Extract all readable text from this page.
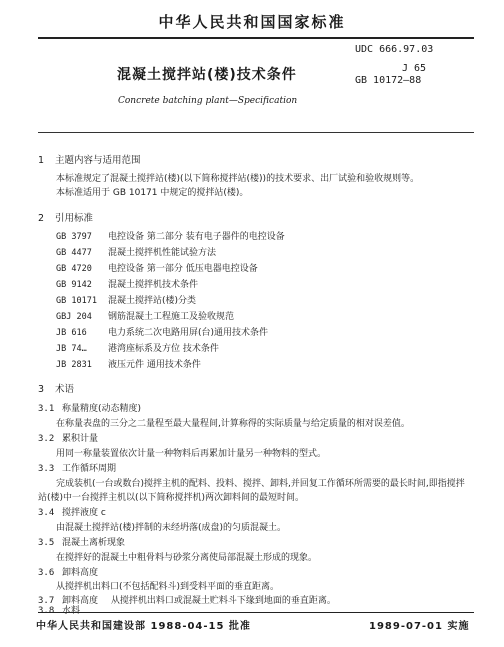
中华人民共和国国家标准
UDC 666.97.03
J 65
GB 10172—88
混凝土搅拌站(楼)技术条件
Concrete batching plant—Specification
1 主题内容与适用范围
本标准规定了混凝土搅拌站(楼)(以下简称搅拌站(楼))的技术要求、出厂试验和验收规则等。
本标准适用于 GB 10171 中规定的搅拌站(楼)。
2 引用标准
GB 3797 电控设备 第二部分 装有电子器件的电控设备
GB 4477 混凝土搅拌机性能试验方法
GB 4720 电控设备 第一部分 低压电器电控设备
GB 9142 混凝土搅拌机技术条件
GB 10171 混凝土搅拌站(楼)分类
GBJ 204 钢筋混凝土工程施工及验收规范
JB 616 电力系统二次电路用屏(台)通用技术条件
JB 74… 港湾座标系及方位 技术条件
JB 2831 液压元件 通用技术条件
3 术语
3.1 称量精度(动态精度)
在称量表盘的三分之二量程至最大量程间,计算称得的实际质量与给定质量的相对误差值。
3.2 累积计量
用同一称量装置依次计量一种物料后再累加计量另一种物料的型式。
3.3 工作循环周期
完成装机(一台或数台)搅拌主机的配料、投料、搅拌、卸料,并回复工作循环所需要的最长时间,即指搅拌
站(楼)中一台搅拌主机以(以下简称搅拌机)两次卸料间的最短时间。
3.4 搅拌液度 c
由混凝土搅拌站(楼)拌制的未经坍落(成盘)的匀质混凝土。
3.5 混凝土离析现象
在搅拌好的混凝土中粗骨料与砂浆分离使局部混凝土形成的现象。
3.6 卸料高度
从搅拌机出料口(不包括配料斗)到受料平面的垂直距离。
3.7 卸料高度 从搅拌机出料口或混凝土贮料斗下缘到地面的垂直距离。
3.8 水料
中华人民共和国建设部 1988-04-15 批准	1989-07-01 实施
